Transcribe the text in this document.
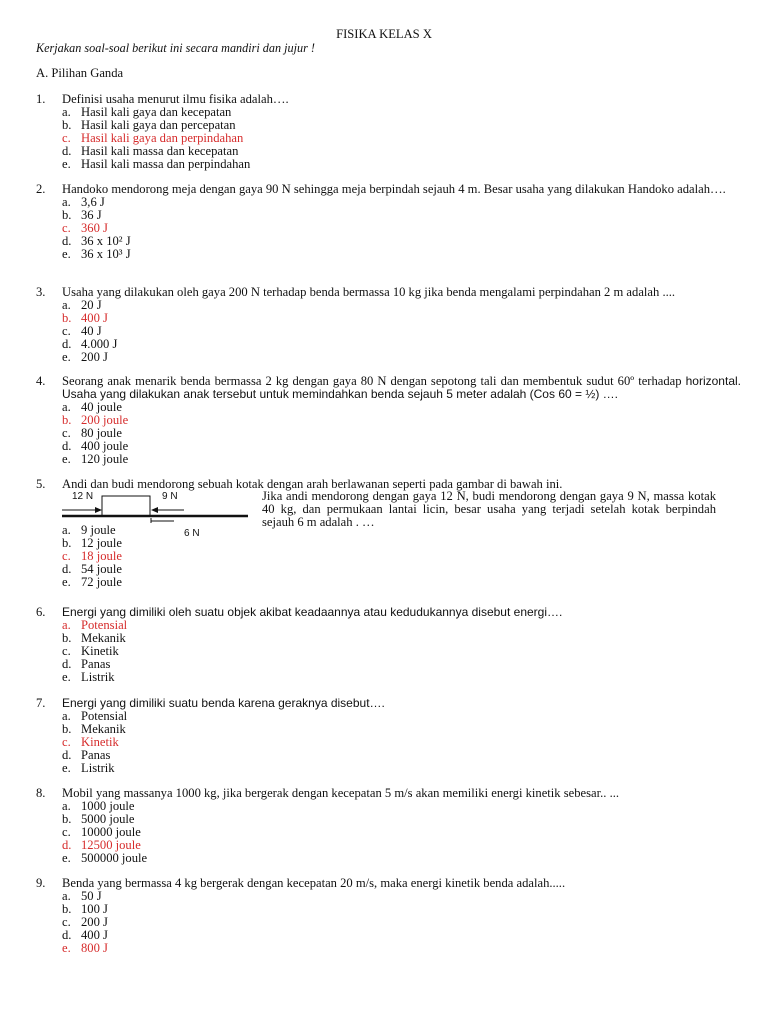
FISIKA KELAS X
Kerjakan soal-soal berikut ini secara mandiri dan jujur !
A. Pilihan Ganda
1. Definisi usaha menurut ilmu fisika adalah….
a. Hasil kali gaya dan kecepatan
b. Hasil kali gaya dan percepatan
c. Hasil kali gaya dan perpindahan
d. Hasil kali massa dan kecepatan
e. Hasil kali massa dan perpindahan
2. Handoko mendorong meja dengan gaya 90 N sehingga meja berpindah sejauh 4 m. Besar usaha yang dilakukan Handoko adalah….
a. 3,6 J
b. 36 J
c. 360 J
d. 36 x 10² J
e. 36 x 10³ J
3. Usaha yang dilakukan oleh gaya 200 N terhadap benda bermassa 10 kg jika benda mengalami perpindahan 2 m adalah ....
a. 20 J
b. 400 J
c. 40 J
d. 4.000 J
e. 200 J
4. Seorang anak menarik benda bermassa 2 kg dengan gaya 80 N dengan sepotong tali dan membentuk sudut 60º terhadap horizontal. Usaha yang dilakukan anak tersebut untuk memindahkan benda sejauh 5 meter adalah (Cos 60 = ½) ….
a. 40 joule
b. 200 joule
c. 80 joule
d. 400 joule
e. 120 joule
5. Andi dan budi mendorong sebuah kotak dengan arah berlawanan seperti pada gambar di bawah ini.
a. 9 joule
b. 12 joule
c. 18 joule
d. 54 joule
e. 72 joule
12 N	9 N
6 N
Jika andi mendorong dengan gaya 12 N, budi mendorong dengan gaya 9 N, massa kotak 40 kg, dan permukaan lantai licin, besar usaha yang terjadi setelah kotak berpindah sejauh 6 m adalah . …
6. Energi yang dimiliki oleh suatu objek akibat keadaannya atau kedudukannya disebut energi….
a. Potensial
b. Mekanik
c. Kinetik
d. Panas
e. Listrik
7. Energi yang dimiliki suatu benda karena geraknya disebut….
a. Potensial
b. Mekanik
c. Kinetik
d. Panas
e. Listrik
8. Mobil yang massanya 1000 kg, jika bergerak dengan kecepatan 5 m/s akan memiliki energi kinetik sebesar.. ...
a. 1000 joule
b. 5000 joule
c. 10000 joule
d. 12500 joule
e. 500000 joule
9. Benda yang bermassa 4 kg bergerak dengan kecepatan 20 m/s, maka energi kinetik benda adalah.....
a. 50 J
b. 100 J
c. 200 J
d. 400 J
e. 800 J
